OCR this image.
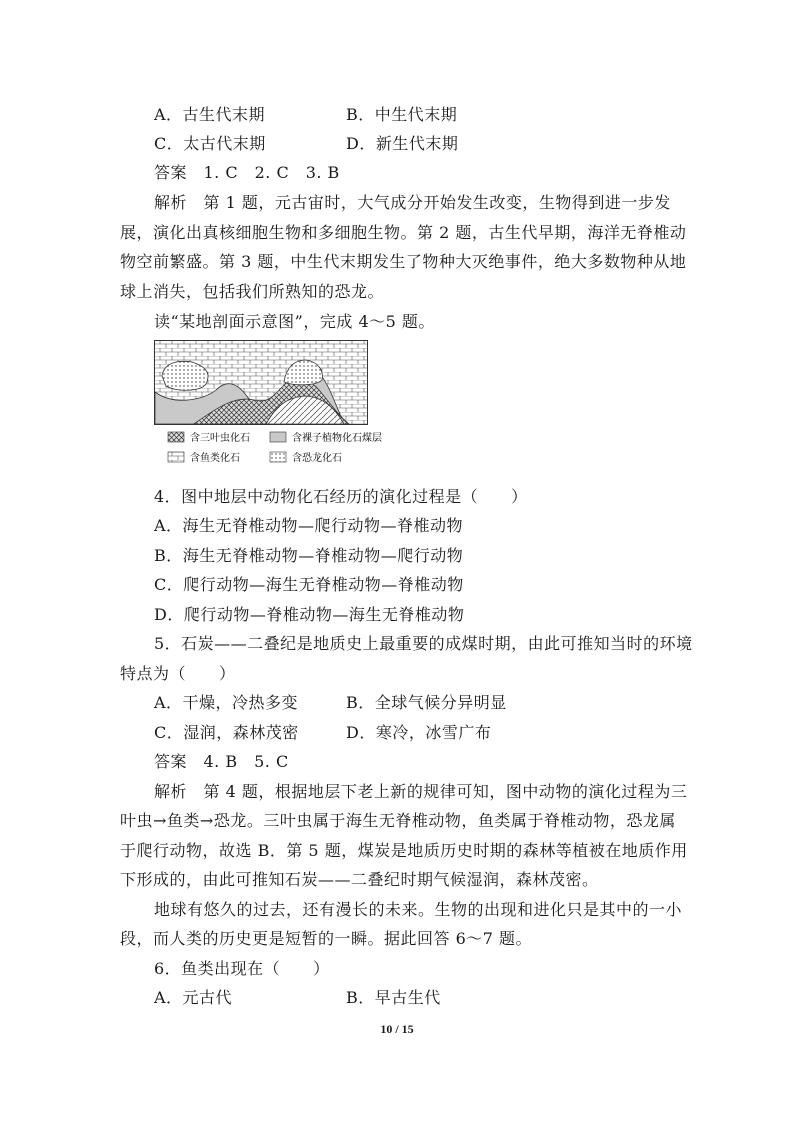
A．古生代末期	B．中生代末期
C．太古代末期	D．新生代末期
答案　1. C　2. C　3. B
解析　第 1 题，元古宙时，大气成分开始发生改变，生物得到进一步发
展，演化出真核细胞生物和多细胞生物。第 2 题，古生代早期，海洋无脊椎动
物空前繁盛。第 3 题，中生代末期发生了物种大灭绝事件，绝大多数物种从地
球上消失，包括我们所熟知的恐龙。
读“某地剖面示意图”，完成 4～5 题。
含三叶虫化石	含裸子植物化石煤层
含鱼类化石	含恐龙化石
4．图中地层中动物化石经历的演化过程是（　　）
A．海生无脊椎动物—爬行动物—脊椎动物
B．海生无脊椎动物—脊椎动物—爬行动物
C．爬行动物—海生无脊椎动物—脊椎动物
D．爬行动物—脊椎动物—海生无脊椎动物
5．石炭——二叠纪是地质史上最重要的成煤时期，由此可推知当时的环境
特点为（　　）
A．干燥，冷热多变	B．全球气候分异明显
C．湿润，森林茂密	D．寒冷，冰雪广布
答案　4. B　5. C
解析　第 4 题，根据地层下老上新的规律可知，图中动物的演化过程为三
叶虫→鱼类→恐龙。三叶虫属于海生无脊椎动物，鱼类属于脊椎动物，恐龙属
于爬行动物，故选 B．第 5 题，煤炭是地质历史时期的森林等植被在地质作用
下形成的，由此可推知石炭——二叠纪时期气候湿润，森林茂密。
地球有悠久的过去，还有漫长的未来。生物的出现和进化只是其中的一小
段，而人类的历史更是短暂的一瞬。据此回答 6～7 题。
6．鱼类出现在（　　）
A．元古代	B．早古生代
10 / 15
